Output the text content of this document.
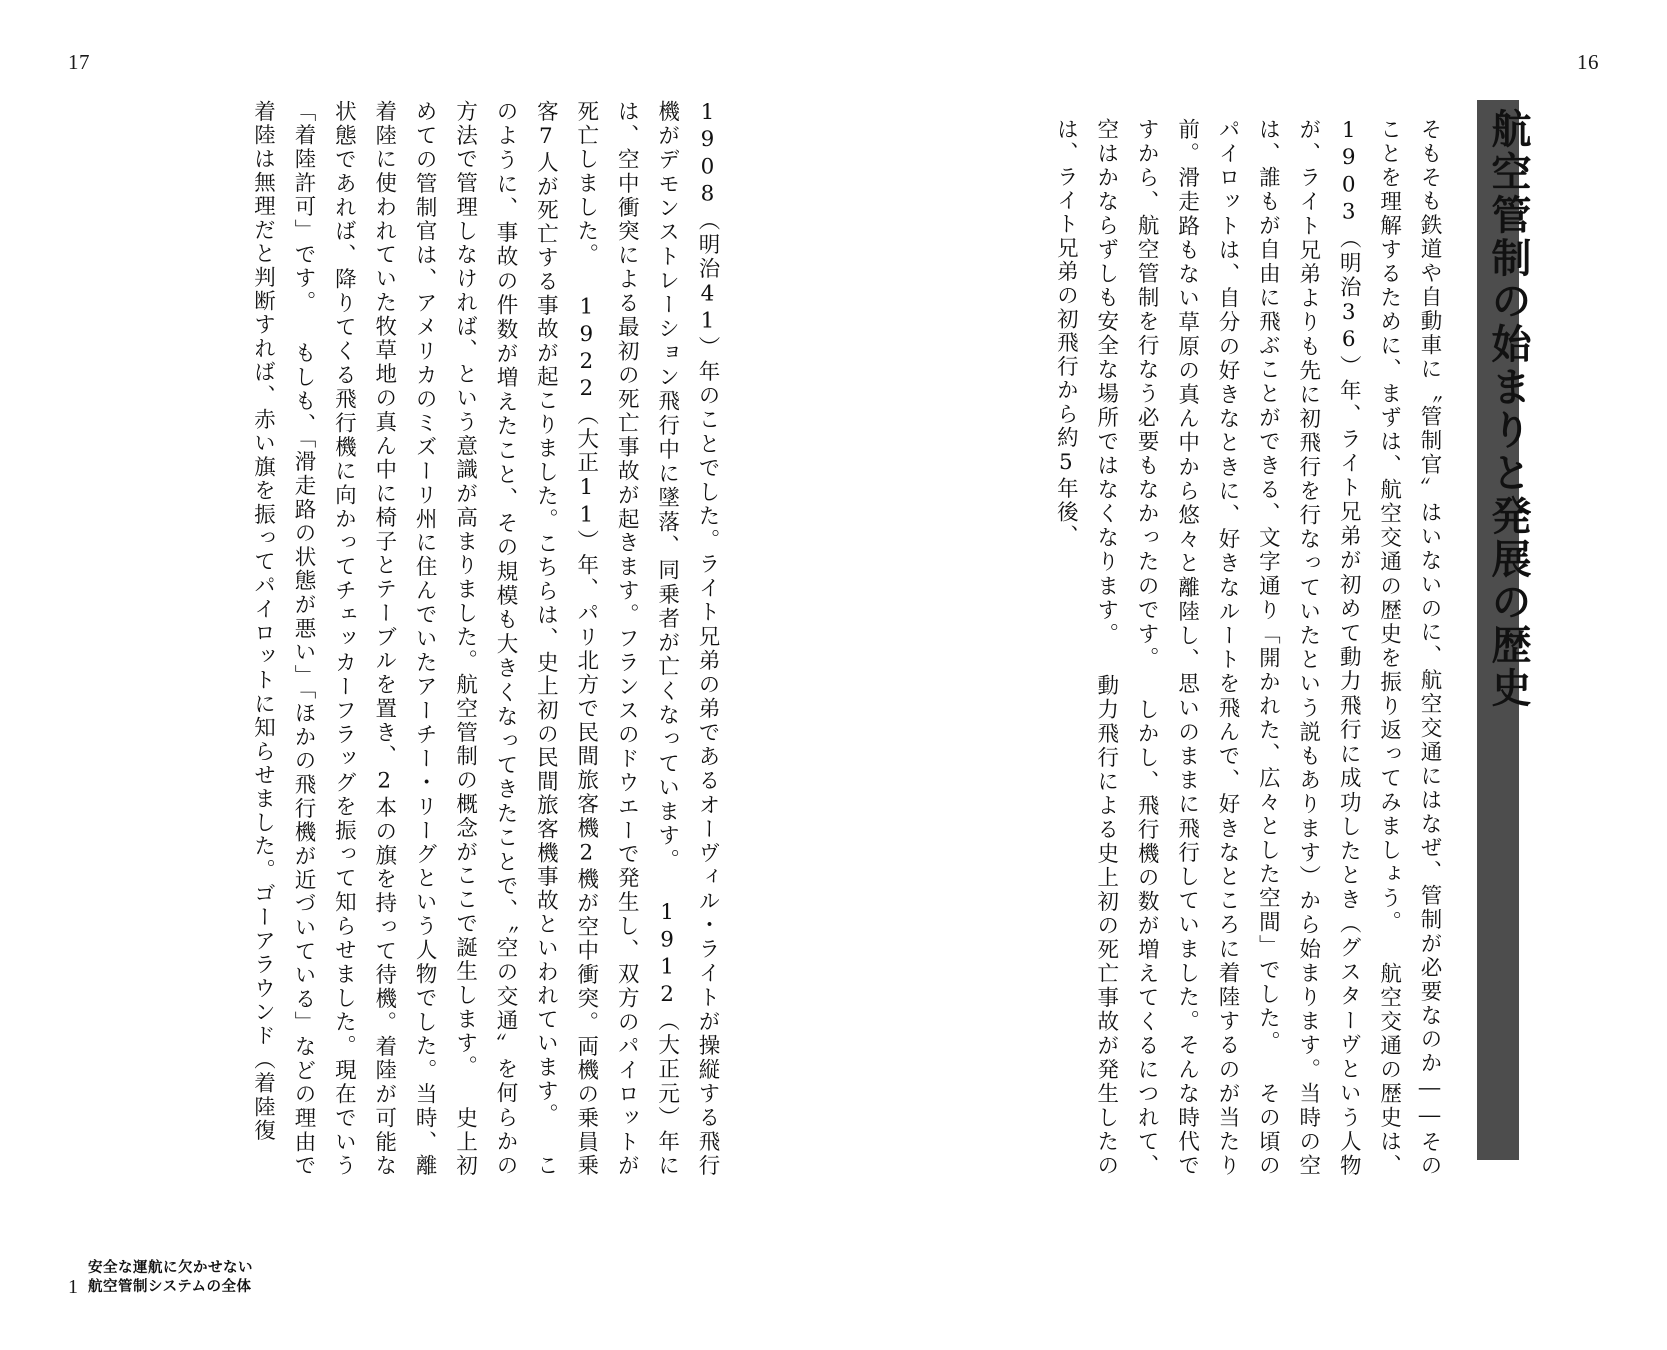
17	16
航空管制の始まりと発展の歴史
そもそも鉄道や自動車に〝管制官〟はいないのに、航空交通にはなぜ、管制が必要なのか――そのことを理解するために、まずは、航空交通の歴史を振り返ってみましょう。 航空交通の歴史は、1903（明治36）年、ライト兄弟が初めて動力飛行に成功したとき（グスターヴという人物が、ライト兄弟よりも先に初飛行を行なっていたという説もあります）から始まります。当時の空は、誰もが自由に飛ぶことができる、文字通り「開かれた、広々とした空間」でした。 その頃のパイロットは、自分の好きなときに、好きなルートを飛んで、好きなところに着陸するのが当たり前。滑走路もない草原の真ん中から悠々と離陸し、思いのままに飛行していました。そんな時代ですから、航空管制を行なう必要もなかったのです。 しかし、飛行機の数が増えてくるにつれて、空はかならずしも安全な場所ではなくなります。 動力飛行による史上初の死亡事故が発生したのは、ライト兄弟の初飛行から約5年後、
1908（明治41）年のことでした。ライト兄弟の弟であるオーヴィル・ライトが操縦する飛行機がデモンストレーション飛行中に墜落、同乗者が亡くなっています。 1912（大正元）年には、空中衝突による最初の死亡事故が起きます。フランスのドウエーで発生し、双方のパイロットが死亡しました。 1922（大正11）年、パリ北方で民間旅客機2機が空中衝突。両機の乗員乗客7人が死亡する事故が起こりました。こちらは、史上初の民間旅客機事故といわれています。 このように、事故の件数が増えたこと、その規模も大きくなってきたことで、〝空の交通〟を何らかの方法で管理しなければ、という意識が高まりました。航空管制の概念がここで誕生します。 史上初めての管制官は、アメリカのミズーリ州に住んでいたアーチー・リーグという人物でした。当時、離着陸に使われていた牧草地の真ん中に椅子とテーブルを置き、2本の旗を持って待機。着陸が可能な状態であれば、降りてくる飛行機に向かってチェッカーフラッグを振って知らせました。現在でいう「着陸許可」です。 もしも、「滑走路の状態が悪い」「ほかの飛行機が近づいている」などの理由で着陸は無理だと判断すれば、赤い旗を振ってパイロットに知らせました。ゴーアラウンド（着陸復
1
安全な運航に欠かせない
航空管制システムの全体
